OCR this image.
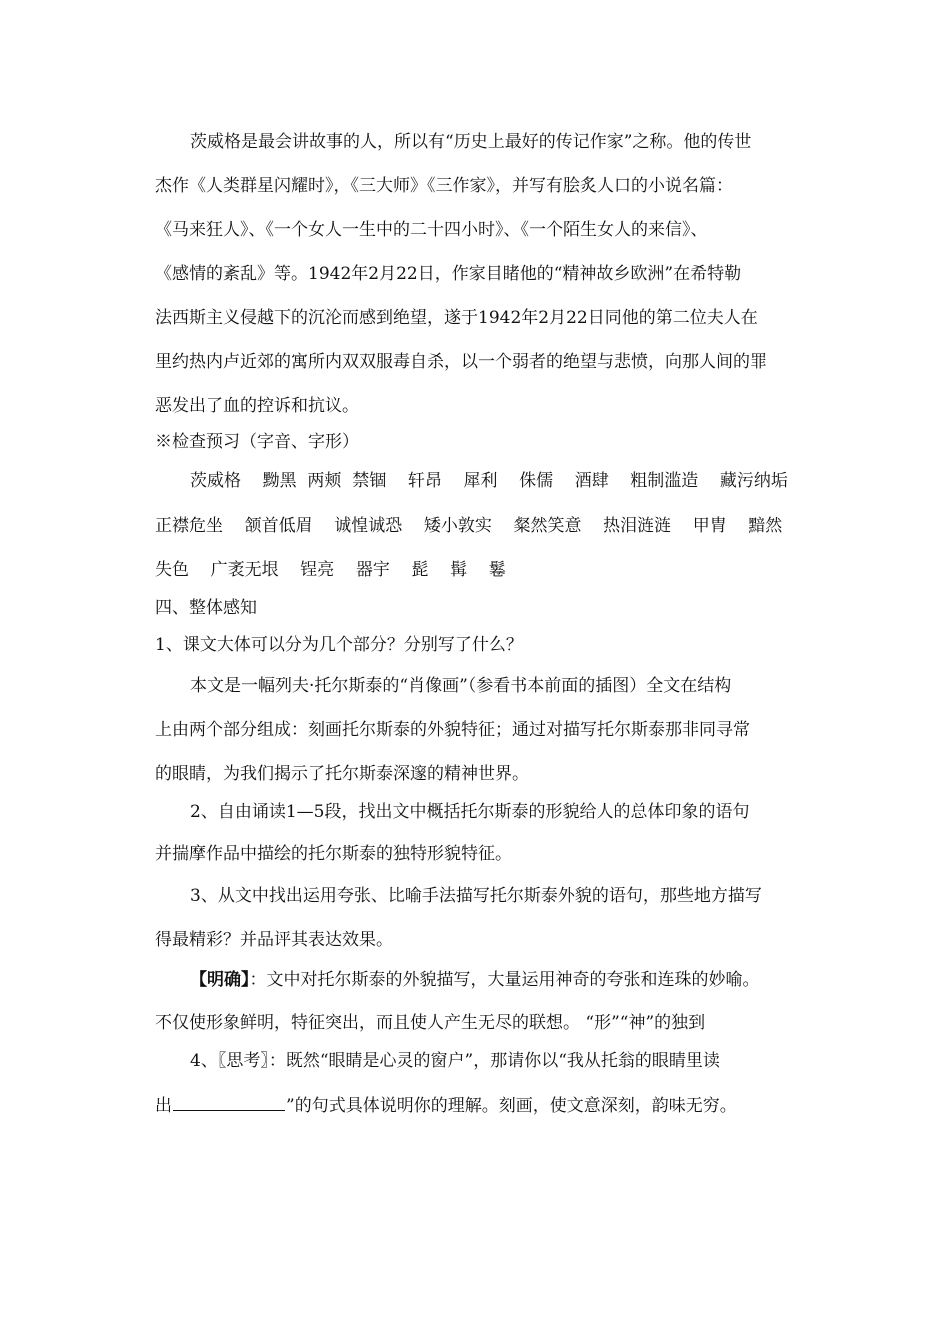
茨威格是最会讲故事的人，所以有“历史上最好的传记作家”之称。他的传世
杰作《人类群星闪耀时》，《三大师》《三作家》，并写有脍炙人口的小说名篇：
《马来狂人》、《一个女人一生中的二十四小时》、《一个陌生女人的来信》、
《感情的紊乱》等。1942年2月22日，作家目睹他的“精神故乡欧洲”在希特勒
法西斯主义侵越下的沉沦而感到绝望，遂于1942年2月22日同他的第二位夫人在
里约热内卢近郊的寓所内双双服毒自杀，以一个弱者的绝望与悲愤，向那人间的罪
恶发出了血的控诉和抗议。
※检查预习（字音、字形）
茨威格    黝黑  两颊  禁锢    轩昂    犀利    侏儒    酒肆    粗制滥造    藏污纳垢
正襟危坐    颔首低眉    诚惶诚恐    矮小敦实    粲然笑意    热泪涟涟    甲胄    黯然
失色    广袤无垠    锃亮    器宇    髭    髯    鬈
四、整体感知
1、课文大体可以分为几个部分？分别写了什么？
本文是一幅列夫·托尔斯泰的“肖像画”（参看书本前面的插图）全文在结构
上由两个部分组成：刻画托尔斯泰的外貌特征；通过对描写托尔斯泰那非同寻常
的眼睛，为我们揭示了托尔斯泰深邃的精神世界。
2、自由诵读1—5段，找出文中概括托尔斯泰的形貌给人的总体印象的语句
并揣摩作品中描绘的托尔斯泰的独特形貌特征。
3、从文中找出运用夸张、比喻手法描写托尔斯泰外貌的语句，那些地方描写
得最精彩？并品评其表达效果。
【明确】：文中对托尔斯泰的外貌描写，大量运用神奇的夸张和连珠的妙喻。
不仅使形象鲜明，特征突出，而且使人产生无尽的联想。 “形”“神”的独到
4、〖思考〗：既然“眼睛是心灵的窗户”，那请你以“我从托翁的眼睛里读
出	”的句式具体说明你的理解。刻画，使文意深刻，韵味无穷。
